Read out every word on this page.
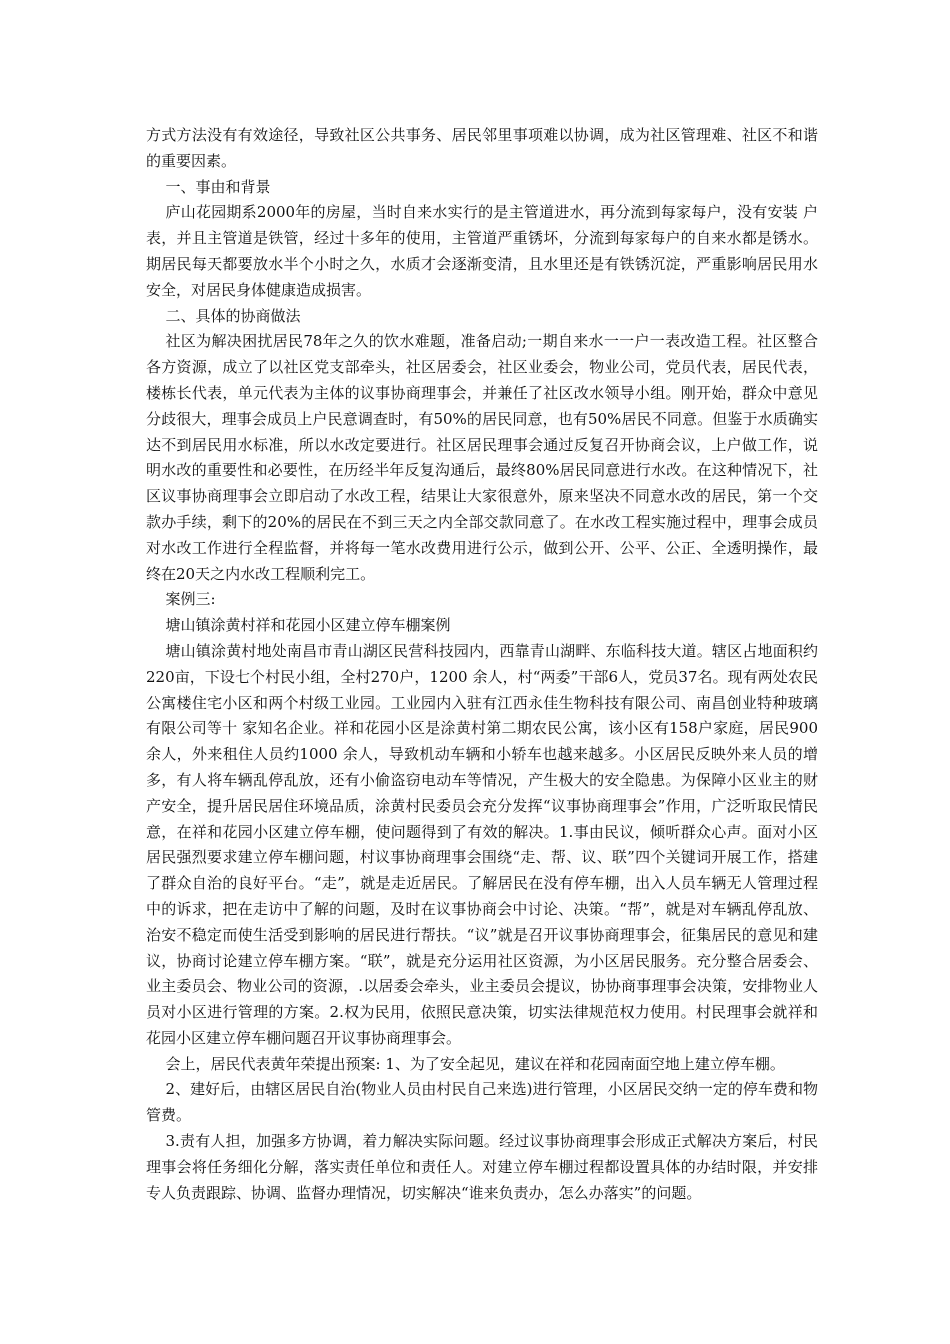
方式方法没有有效途径，导致社区公共事务、居民邻里事项难以协调，成为社区管理难、社区不和谐的重要因素。

一、事由和背景

庐山花园期系2000年的房屋，当时自来水实行的是主管道进水，再分流到每家每户，没有安装 户 表，并且主管道是铁管，经过十多年的使用，主管道严重锈坏，分流到每家每户的自来水都是锈水。期居民每天都要放水半个小时之久，水质才会逐渐变清，且水里还是有铁锈沉淀，严重影响居民用水安全，对居民身体健康造成损害。

二、具体的协商做法

社区为解决困扰居民78年之久的饮水难题，准备启动;一期自来水一一户一表改造工程。社区整合各方资源，成立了以社区党支部牵头，社区居委会，社区业委会，物业公司，党员代表，居民代表，楼栋长代表，单元代表为主体的议事协商理事会，并兼任了社区改水领导小组。刚开始，群众中意见分歧很大，理事会成员上户民意调查时，有50%的居民同意，也有50%居民不同意。但鉴于水质确实达不到居民用水标准，所以水改定要进行。社区居民理事会通过反复召开协商会议，上户做工作，说明水改的重要性和必要性，在历经半年反复沟通后，最终80%居民同意进行水改。在这种情况下，社区议事协商理事会立即启动了水改工程，结果让大家很意外，原来坚决不同意水改的居民，第一个交款办手续，剩下的20%的居民在不到三天之内全部交款同意了。在水改工程实施过程中，理事会成员对水改工作进行全程监督，并将每一笔水改费用进行公示，做到公开、公平、公正、全透明操作，最终在20天之内水改工程顺利完工。

案例三:

塘山镇涂黄村祥和花园小区建立停车棚案例

塘山镇涂黄村地处南昌市青山湖区民营科技园内，西靠青山湖畔、东临科技大道。辖区占地面积约220亩，下设七个村民小组，全村270户，1200 余人，村“两委”干部6人，党员37名。现有两处农民公寓楼住宅小区和两个村级工业园。工业园内入驻有江西永佳生物科技有限公司、南昌创业特种玻璃有限公司等十 家知名企业。祥和花园小区是涂黄村第二期农民公寓，该小区有158户家庭，居民900余人，外来租住人员约1000 余人，导致机动车辆和小轿车也越来越多。小区居民反映外来人员的增多，有人将车辆乱停乱放，还有小偷盗窃电动车等情况，产生极大的安全隐患。为保障小区业主的财产安全，提升居民居住环境品质，涂黄村民委员会充分发挥“议事协商理事会”作用，广泛听取民情民意，在祥和花园小区建立停车棚，使问题得到了有效的解决。1.事由民议，倾听群众心声。面对小区居民强烈要求建立停车棚问题，村议事协商理事会围绕“走、帮、议、联”四个关键词开展工作，搭建了群众自治的良好平台。“走”，就是走近居民。了解居民在没有停车棚，出入人员车辆无人管理过程中的诉求，把在走访中了解的问题，及时在议事协商会中讨论、决策。“帮”，就是对车辆乱停乱放、治安不稳定而使生活受到影响的居民进行帮扶。“议”就是召开议事协商理事会，征集居民的意见和建议，协商讨论建立停车棚方案。“联”，就是充分运用社区资源，为小区居民服务。充分整合居委会、业主委员会、物业公司的资源，.以居委会牵头，业主委员会提议，协协商事理事会决策，安排物业人员对小区进行管理的方案。2.权为民用，依照民意决策，切实法律规范权力使用。村民理事会就祥和花园小区建立停车棚问题召开议事协商理事会。

会上，居民代表黄年荣提出预案: 1、为了安全起见，建议在祥和花园南面空地上建立停车棚。

2、建好后，由辖区居民自治(物业人员由村民自己来选)进行管理，小区居民交纳一定的停车费和物管费。

3.责有人担，加强多方协调，着力解决实际问题。经过议事协商理事会形成正式解决方案后，村民理事会将任务细化分解，落实责任单位和责任人。对建立停车棚过程都设置具体的办结时限，并安排专人负责跟踪、协调、监督办理情况，切实解决“谁来负责办，怎么办落实”的问题。
